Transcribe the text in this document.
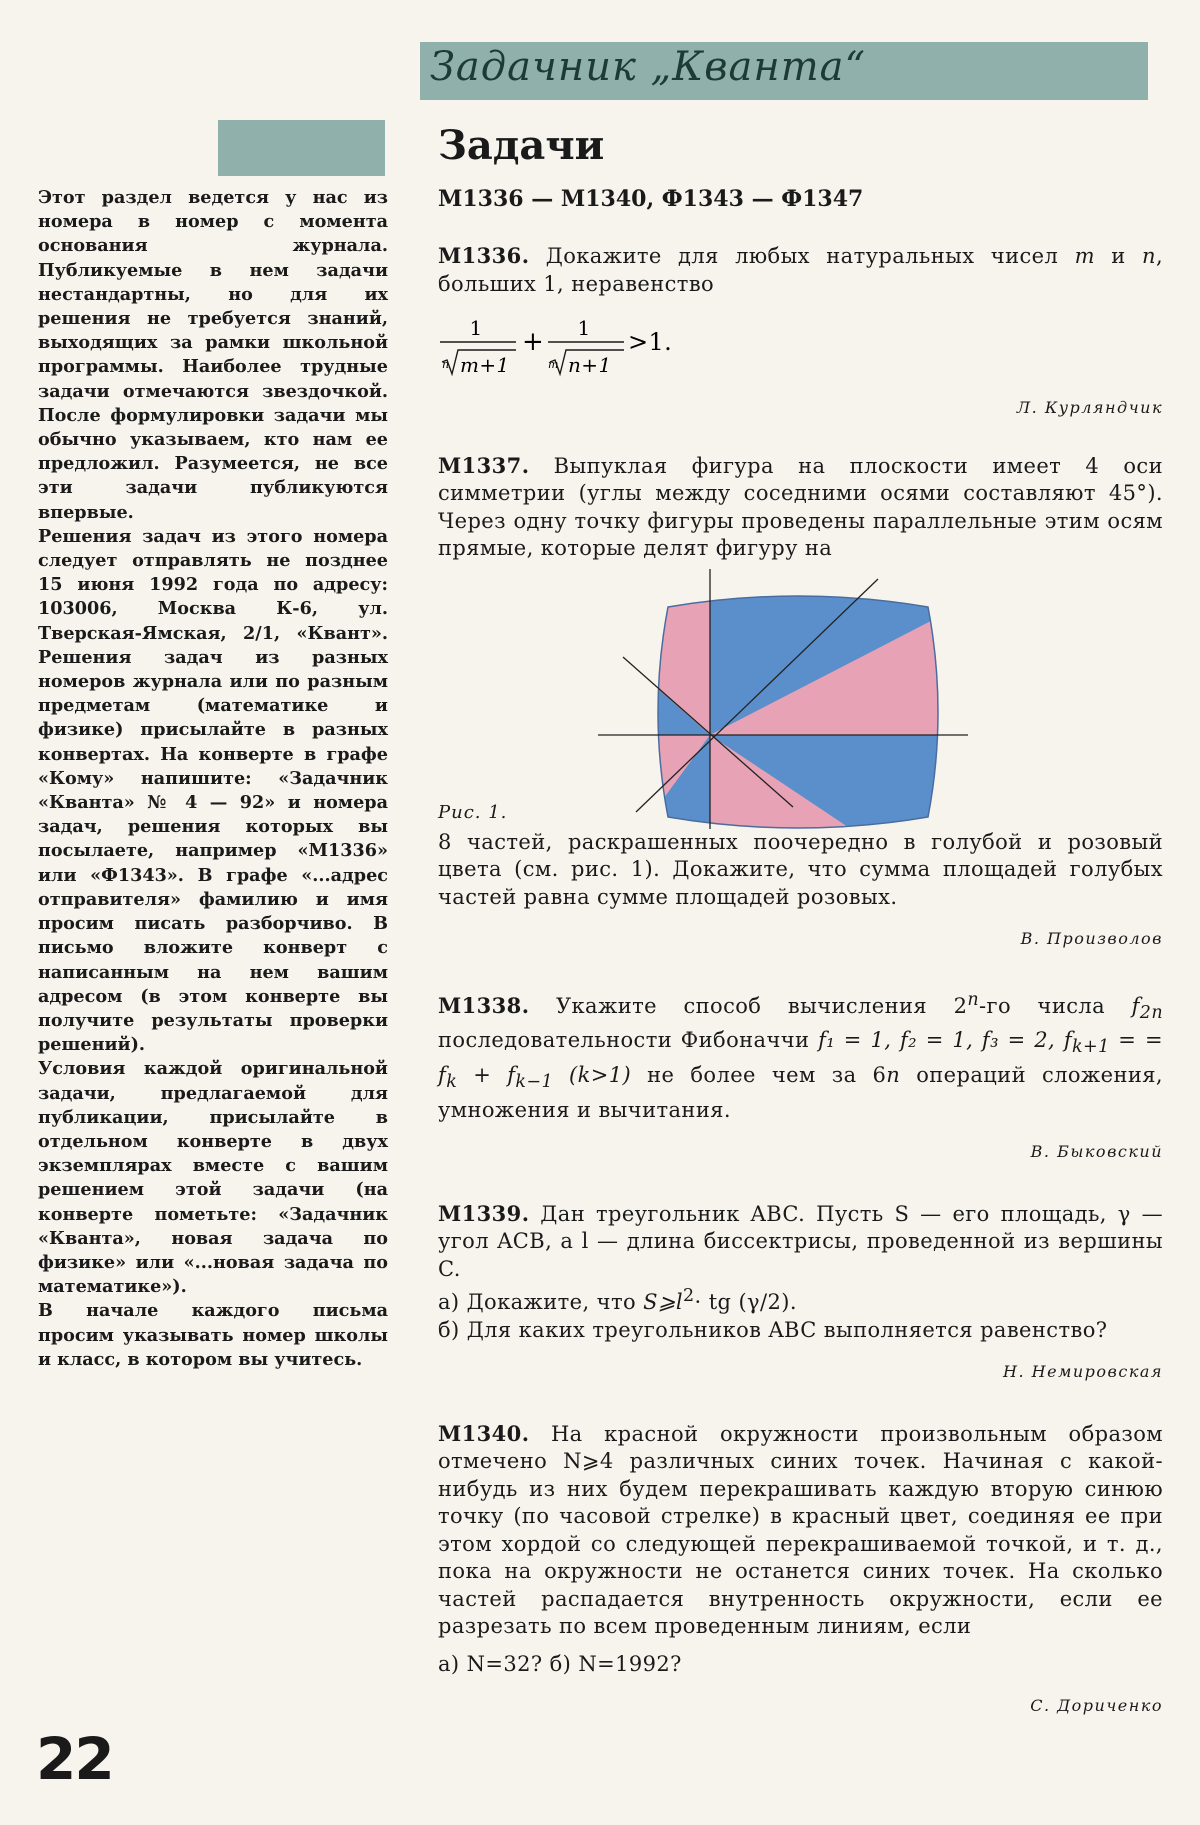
Задачник „Кванта“

Этот раздел ведется у нас из номера в номер с момента основания журнала. Публикуемые в нем задачи нестандартны, но для их решения не требуется знаний, выходящих за рамки школьной программы. Наиболее трудные задачи отмечаются звездочкой. После формулировки задачи мы обычно указываем, кто нам ее предложил. Разумеется, не все эти задачи публикуются впервые.

Решения задач из этого номера следует отправлять не позднее 15 июня 1992 года по адресу: 103006, Москва К-6, ул. Тверская-Ямская, 2/1, «Квант». Решения задач из разных номеров журнала или по разным предметам (математике и физике) присылайте в разных конвертах. На конверте в графе «Кому» напишите: «Задачник «Кванта» № 4 — 92» и номера задач, решения которых вы посылаете, например «М1336» или «Ф1343». В графе «...адрес отправителя» фамилию и имя просим писать разборчиво. В письмо вложите конверт с написанным на нем вашим адресом (в этом конверте вы получите результаты проверки решений).

Условия каждой оригинальной задачи, предлагаемой для публикации, присылайте в отдельном конверте в двух экземплярах вместе с вашим решением этой задачи (на конверте пометьте: «Задачник «Кванта», новая задача по физике» или «...новая задача по математике»).

В начале каждого письма просим указывать номер школы и класс, в котором вы учитесь.

Задачи
М1336 — М1340, Ф1343 — Ф1347
М1336. Докажите для любых натуральных чисел m и n, больших 1, неравенство
1
n m+1
+ 1
m n+1
>1.
Л. Курляндчик
М1337. Выпуклая фигура на плоскости имеет 4 оси симметрии (углы между соседними осями составляют 45°). Через одну точку фигуры проведены параллельные этим осям прямые, которые делят фигуру на
Рис. 1.
8 частей, раскрашенных поочередно в голубой и розовый цвета (см. рис. 1). Докажите, что сумма площадей голубых частей равна сумме площадей розовых.
В. Произволов
М1338. Укажите способ вычисления 2$^n$-го числа $f_{2n}$ последовательности Фибоначчи f₁ = 1, f₂ = 1, f₃ = 2, $f_{k+1}$ = = $f_k + f_{k-1}$ (k>1) не более чем за 6n операций сложения, умножения и вычитания.
В. Быковский
М1339. Дан треугольник ABC. Пусть S — его площадь, γ — угол ACB, а l — длина биссектрисы, проведенной из вершины C.

а) Докажите, что $S⩾l^2\cdot$ tg (γ/2).

б) Для каких треугольников ABC выполняется равенство?

Н. Немировская
М1340. На красной окружности произвольным образом отмечено N⩾4 различных синих точек. Начиная с какой-нибудь из них будем перекрашивать каждую вторую синюю точку (по часовой стрелке) в красный цвет, соединяя ее при этом хордой со следующей перекрашиваемой точкой, и т. д., пока на окружности не останется синих точек. На сколько частей распадается внутренность окружности, если ее разрезать по всем проведенным линиям, если

а) N=32? б) N=1992?

С. Дориченко
22
